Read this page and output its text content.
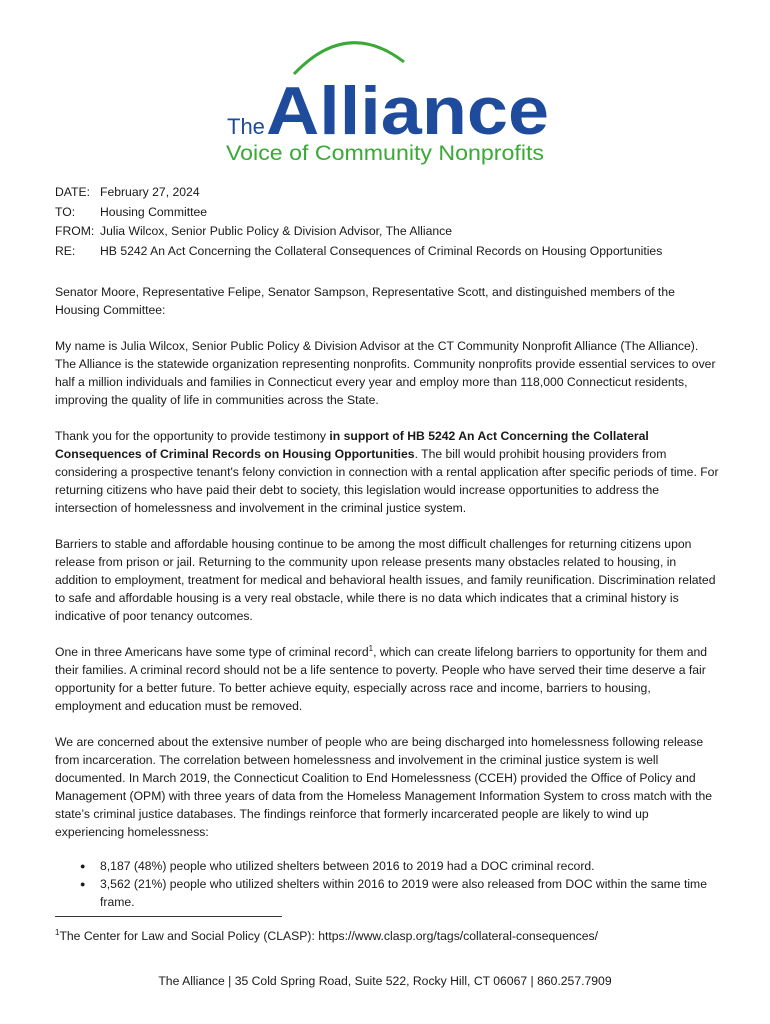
The Alliance
Voice of Community Nonprofits
DATE: February 27, 2024
TO:	Housing Committee
FROM: Julia Wilcox, Senior Public Policy & Division Advisor, The Alliance
RE:	HB 5242 An Act Concerning the Collateral Consequences of Criminal Records on Housing Opportunities

Senator Moore, Representative Felipe, Senator Sampson, Representative Scott, and distinguished members of the Housing Committee:

My name is Julia Wilcox, Senior Public Policy & Division Advisor at the CT Community Nonprofit Alliance (The Alliance). The Alliance is the statewide organization representing nonprofits. Community nonprofits provide essential services to over half a million individuals and families in Connecticut every year and employ more than 118,000 Connecticut residents, improving the quality of life in communities across the State.

Thank you for the opportunity to provide testimony in support of HB 5242 An Act Concerning the Collateral Consequences of Criminal Records on Housing Opportunities. The bill would prohibit housing providers from considering a prospective tenant's felony conviction in connection with a rental application after specific periods of time. For returning citizens who have paid their debt to society, this legislation would increase opportunities to address the intersection of homelessness and involvement in the criminal justice system.

Barriers to stable and affordable housing continue to be among the most difficult challenges for returning citizens upon release from prison or jail. Returning to the community upon release presents many obstacles related to housing, in addition to employment, treatment for medical and behavioral health issues, and family reunification. Discrimination related to safe and affordable housing is a very real obstacle, while there is no data which indicates that a criminal history is indicative of poor tenancy outcomes.

One in three Americans have some type of criminal record$^1$, which can create lifelong barriers to opportunity for them and their families. A criminal record should not be a life sentence to poverty. People who have served their time deserve a fair opportunity for a better future. To better achieve equity, especially across race and income, barriers to housing, employment and education must be removed.

We are concerned about the extensive number of people who are being discharged into homelessness following release from incarceration. The correlation between homelessness and involvement in the criminal justice system is well documented. In March 2019, the Connecticut Coalition to End Homelessness (CCEH) provided the Office of Policy and Management (OPM) with three years of data from the Homeless Management Information System to cross match with the state’s criminal justice databases. The findings reinforce that formerly incarcerated people are likely to wind up experiencing homelessness:

● 8,187 (48%) people who utilized shelters between 2016 to 2019 had a DOC criminal record.
● 3,562 (21%) people who utilized shelters within 2016 to 2019 were also released from DOC within the same time frame.
$^1$The Center for Law and Social Policy (CLASP): https://www.clasp.org/tags/collateral-consequences/
The Alliance | 35 Cold Spring Road, Suite 522, Rocky Hill, CT 06067 | 860.257.7909
